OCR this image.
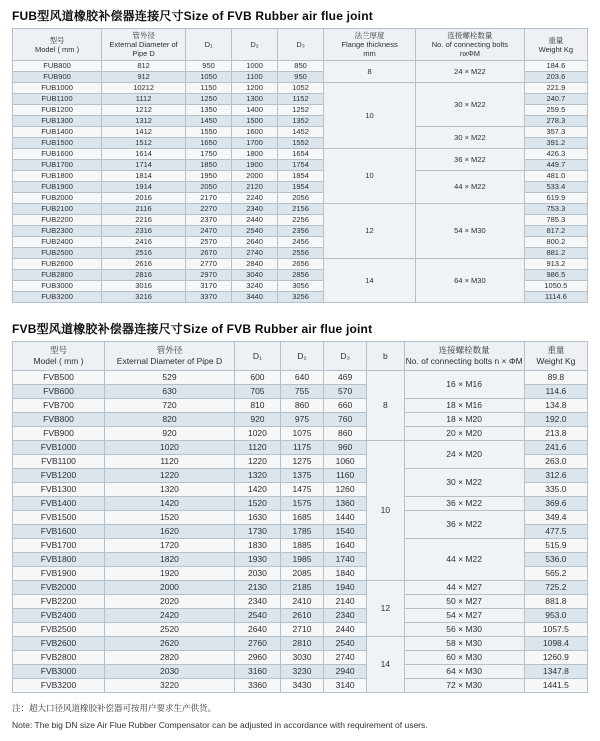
FUB型风道橡胶补偿器连接尺寸Size of FVB Rubber air flue joint
型号
Model ( mm )

管外径
External Diameter of
Pipe D

D₁	D₂	D₃

法兰厚度
Flange thickness
mm

连接螺栓数量
No. of connecting bolts
nxΦM

重量
Weight Kg

FUB800	812	950	1000	850	8	24 × M22	184.6
FUB900	912	1050	1100	950			203.6
FUB1000	10212	1150	1200	1052	10	30 × M22	221.9
FUB1100	1112	1250	1300	1152			240.7
FUB1200	1212	1350	1400	1252			259.5
FUB1300	1312	1450	1500	1352			278.3
FUB1400	1412	1550	1600	1452		30 × M22	357.3
FUB1500	1512	1650	1700	1552			391.2
FUB1600	1614	1750	1800	1654	10	36 × M22	426.3
FUB1700	1714	1850	1900	1754			449.7
FUB1800	1814	1950	2000	1854		44 × M22	481.0
FUB1900	1914	2050	2120	1954			533.4
FUB2000	2016	2170	2240	2056			619.9
FUB2100	2116	2270	2340	2156	12	54 × M30	753.3
FUB2200	2216	2370	2440	2256			785.3
FUB2300	2316	2470	2540	2356			817.2
FUB2400	2416	2570	2640	2456			800.2
FUB2500	2516	2670	2740	2556			881.2
FUB2600	2616	2770	2840	2656	14	64 × M30	913.2
FUB2800	2816	2970	3040	2856			986.5
FUB3000	3016	3170	3240	3056			1050.5
FUB3200	3216	3370	3440	3256			1114.6
FVB型风道橡胶补偿器连接尺寸Size of FVB Rubber air flue joint
型号
Model ( mm )

管外径
External Diameter of Pipe D

D₁	D₂	D₃	b

连接螺栓数量
No. of connecting bolts n × ΦM

重量
Weight Kg

FVB500	529	600	640	469	8	16 × M16	89.8
FVB600	630	705	755	570			114.6
FVB700	720	810	860	660		18 × M16	134.8
FVB800	820	920	975	760		18 × M20	192.0
FVB900	920	1020	1075	860		20 × M20	213.8
FVB1000	1020	1120	1175	960	10	24 × M20	241.6
FVB1100	1120	1220	1275	1060			263.0
FVB1200	1220	1320	1375	1160		30 × M22	312.6
FVB1300	1320	1420	1475	1260			335.0
FVB1400	1420	1520	1575	1360		36 × M22	369.6
FVB1500	1520	1630	1685	1440		36 × M22	349.4
FVB1600	1620	1730	1785	1540			477.5
FVB1700	1720	1830	1885	1640		44 × M22	515.9
FVB1800	1820	1930	1985	1740			536.0
FVB1900	1920	2030	2085	1840			565.2
FVB2000	2000	2130	2185	1940	12	44 × M27	725.2
FVB2200	2020	2340	2410	2140		50 × M27	881.8
FVB2400	2420	2540	2610	2340		54 × M27	953.0
FVB2500	2520	2640	2710	2440		56 × M30	1057.5
FVB2600	2620	2760	2810	2540	14	58 × M30	1098.4
FVB2800	2820	2960	3030	2740		60 × M30	1260.9
FVB3000	2030	3160	3230	2940		64 × M30	1347.8
FVB3200	3220	3360	3430	3140		72 × M30	1441.5

注：超大口径风道橡胶补偿器可按用户要求生产供货。

Note: The big DN size Air Flue Rubber Compensator can be adjusted in accordance with requirement of users.
